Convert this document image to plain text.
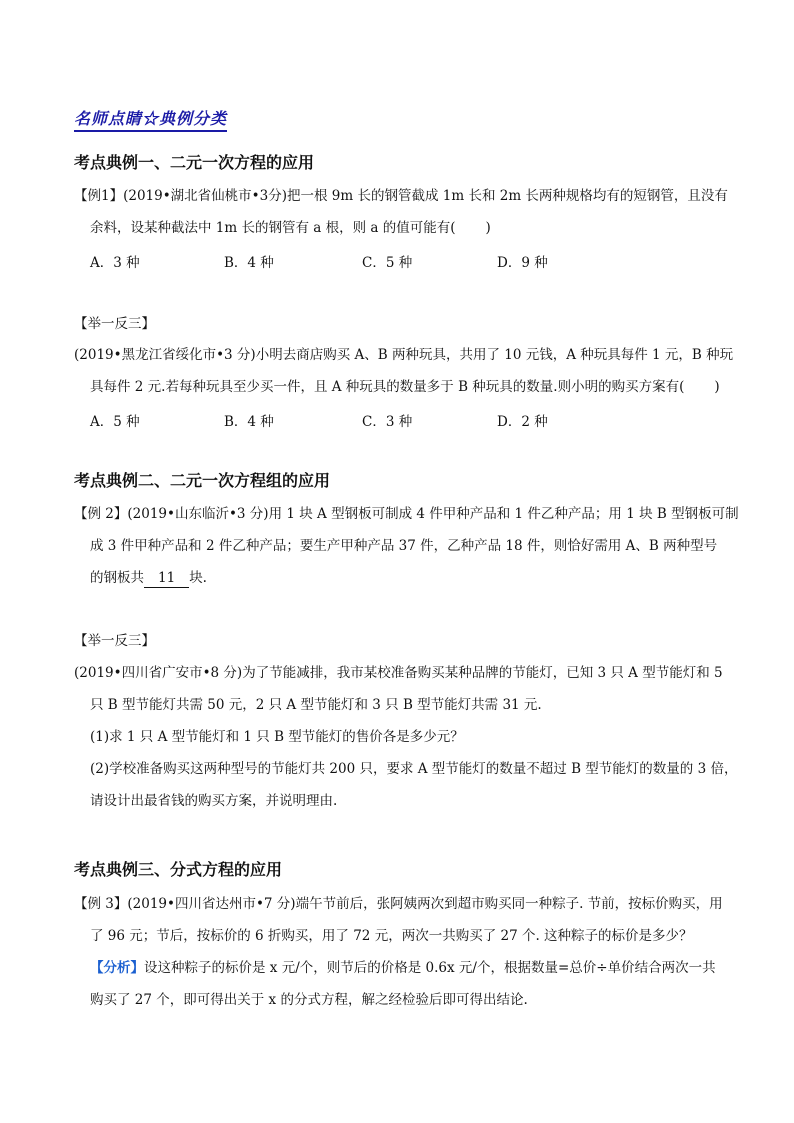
名师点睛☆典例分类
考点典例一、二元一次方程的应用
【例1】(2019•湖北省仙桃市•3分)把一根 9m 长的钢管截成 1m 长和 2m 长两种规格均有的短钢管，且没有
余料，设某种截法中 1m 长的钢管有 a 根，则 a 的值可能有( )
A．3 种	B．4 种	C．5 种	D．9 种
【举一反三】
(2019•黑龙江省绥化市•3 分)小明去商店购买 A、B 两种玩具，共用了 10 元钱，A 种玩具每件 1 元，B 种玩
具每件 2 元.若每种玩具至少买一件，且 A 种玩具的数量多于 B 种玩具的数量.则小明的购买方案有( )
A．5 种	B．4 种	C．3 种	D．2 种
考点典例二、二元一次方程组的应用
【例 2】(2019•山东临沂•3 分)用 1 块 A 型钢板可制成 4 件甲种产品和 1 件乙种产品；用 1 块 B 型钢板可制
成 3 件甲种产品和 2 件乙种产品；要生产甲种产品 37 件，乙种产品 18 件，则恰好需用 A、B 两种型号
的钢板共 11 块.
【举一反三】
(2019•四川省广安市•8 分)为了节能减排，我市某校准备购买某种品牌的节能灯，已知 3 只 A 型节能灯和 5
只 B 型节能灯共需 50 元，2 只 A 型节能灯和 3 只 B 型节能灯共需 31 元.
(1)求 1 只 A 型节能灯和 1 只 B 型节能灯的售价各是多少元？
(2)学校准备购买这两种型号的节能灯共 200 只，要求 A 型节能灯的数量不超过 B 型节能灯的数量的 3 倍，
请设计出最省钱的购买方案，并说明理由.
考点典例三、分式方程的应用
【例 3】(2019•四川省达州市•7 分)端午节前后，张阿姨两次到超市购买同一种粽子. 节前，按标价购买，用
了 96 元；节后，按标价的 6 折购买，用了 72 元，两次一共购买了 27 个. 这种粽子的标价是多少？
【分析】设这种粽子的标价是 x 元/个，则节后的价格是 0.6x 元/个，根据数量=总价÷单价结合两次一共
购买了 27 个，即可得出关于 x 的分式方程，解之经检验后即可得出结论.
